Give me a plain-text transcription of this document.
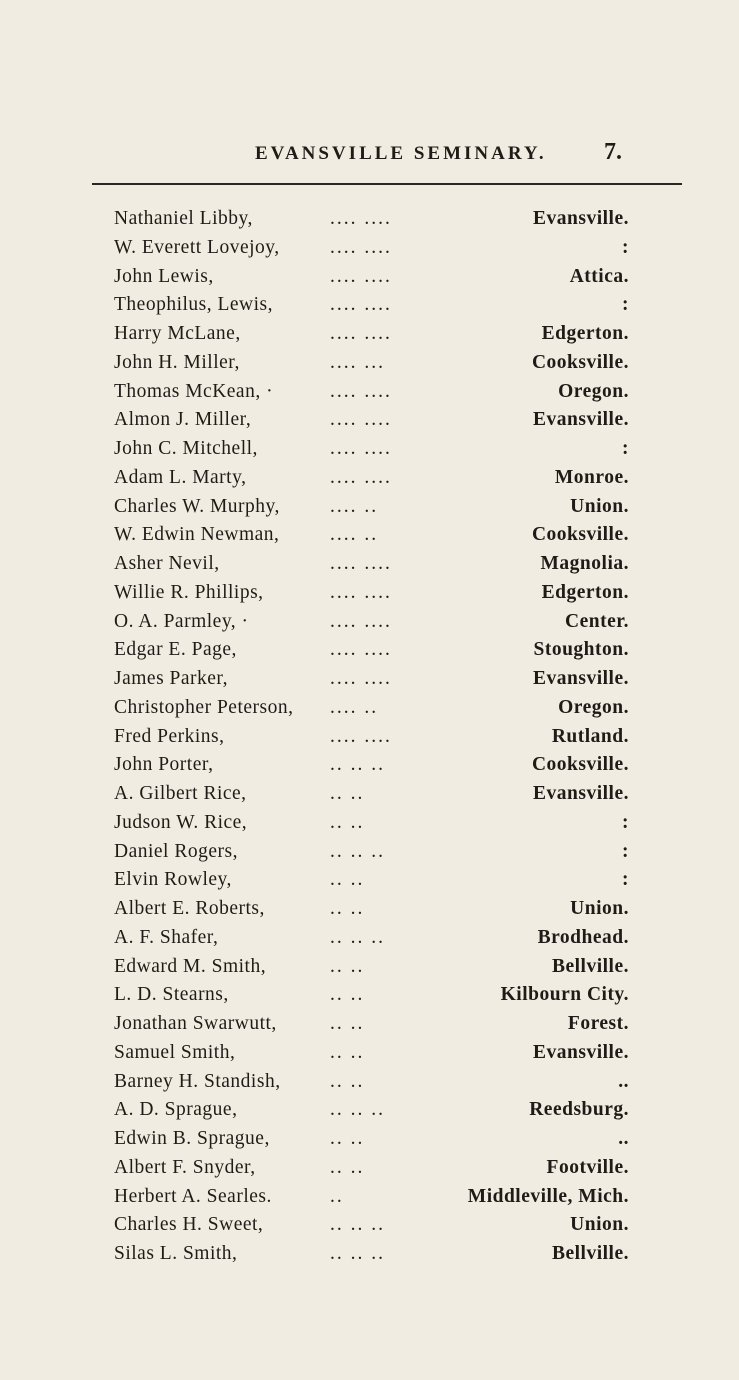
EVANSVILLE SEMINARY. 7.
Nathaniel Libby,	.... ....	Evansville.
W. Everett Lovejoy,	.... ....	:
John Lewis,	.... ....	Attica.
Theophilus, Lewis,	.... ....	:
Harry McLane,	.... ....	Edgerton.
John H. Miller,	.... ...	Cooksville.
Thomas McKean, ·	.... ....	Oregon.
Almon J. Miller,	.... ....	Evansville.
John C. Mitchell,	.... ....	:
Adam L. Marty,	.... ....	Monroe.
Charles W. Murphy,	.... ..	Union.
W. Edwin Newman,	.... ..	Cooksville.
Asher Nevil,	.... ....	Magnolia.
Willie R. Phillips,	.... ....	Edgerton.
O. A. Parmley, ·	.... ....	Center.
Edgar E. Page,	.... ....	Stoughton.
James Parker,	.... ....	Evansville.
Christopher Peterson, .... ..	Oregon.
Fred Perkins,	.... ....	Rutland.
John Porter,	.. .. ..	Cooksville.
A. Gilbert Rice,	.. ..	Evansville.
Judson W. Rice,	.. ..	:
Daniel Rogers,	.. .. ..	:
Elvin Rowley,	.. ..	:
Albert E. Roberts,	.. ..	Union.
A. F. Shafer,	.. .. ..	Brodhead.
Edward M. Smith,	.. ..	Bellville.
L. D. Stearns,	.. ..	Kilbourn City.
Jonathan Swarwutt,	.. ..	Forest.
Samuel Smith,	.. ..	Evansville.
Barney H. Standish,	.. ..	..
A. D. Sprague,	.. .. ..	Reedsburg.
Edwin B. Sprague,	.. ..	..
Albert F. Snyder,	.. ..	Footville.
Herbert A. Searles.	..	Middleville, Mich.
Charles H. Sweet,	.. .. ..	Union.
Silas L. Smith,	.. .. ..	Bellville.
